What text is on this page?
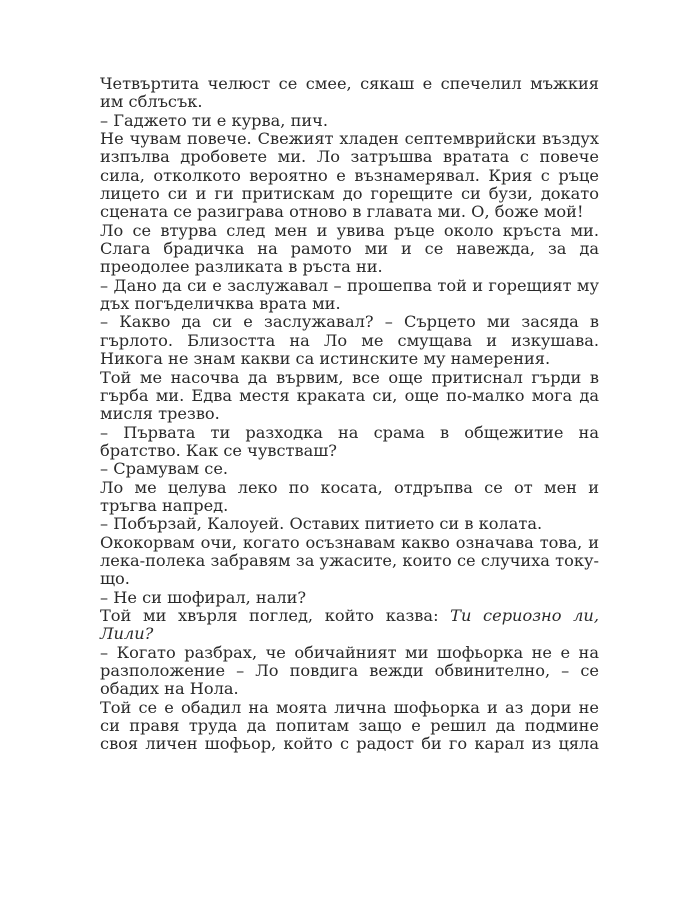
Четвъртита челюст се смее, сякаш е спечелил мъжкия им сблъсък.

– Гаджето ти е курва, пич.

Не чувам повече. Свежият хладен септемврийски въздух изпълва дробовете ми. Ло затръшва вратата с повече сила, отколкото вероятно е възнамерявал. Крия с ръце лицето си и ги притискам до горещите си бузи, докато сцената се разиграва отново в главата ми. О, боже мой!

Ло се втурва след мен и увива ръце около кръста ми. Слага брадичка на рамото ми и се навежда, за да преодолее разликата в ръста ни.

– Дано да си е заслужавал – прошепва той и горещият му дъх погъделичква врата ми.

– Какво да си е заслужавал? – Сърцето ми засяда в гърлото. Близостта на Ло ме смущава и изкушава. Никога не знам какви са истинските му намерения.

Той ме насочва да вървим, все още притиснал гърди в гърба ми. Едва местя краката си, още по-малко мога да мисля трезво.

– Първата ти разходка на срама в общежитие на братство. Как се чувстваш?

– Срамувам се.

Ло ме целува леко по косата, отдръпва се от мен и тръгва напред.

– Побързай, Калоуей. Оставих питието си в колата.

Ококорвам очи, когато осъзнавам какво означава това, и лека-полека забравям за ужасите, които се случиха току-що.

– Не си шофирал, нали?

Той ми хвърля поглед, който казва: Ти сериозно ли, Лили?

– Когато разбрах, че обичайният ми шофьорка не е на разположение – Ло повдига вежди обвинително, – се обадих на Нола.

Той се е обадил на моята лична шофьорка и аз дори не си правя труда да попитам защо е решил да подмине своя личен шофьор, който с радост би го карал из цяла
